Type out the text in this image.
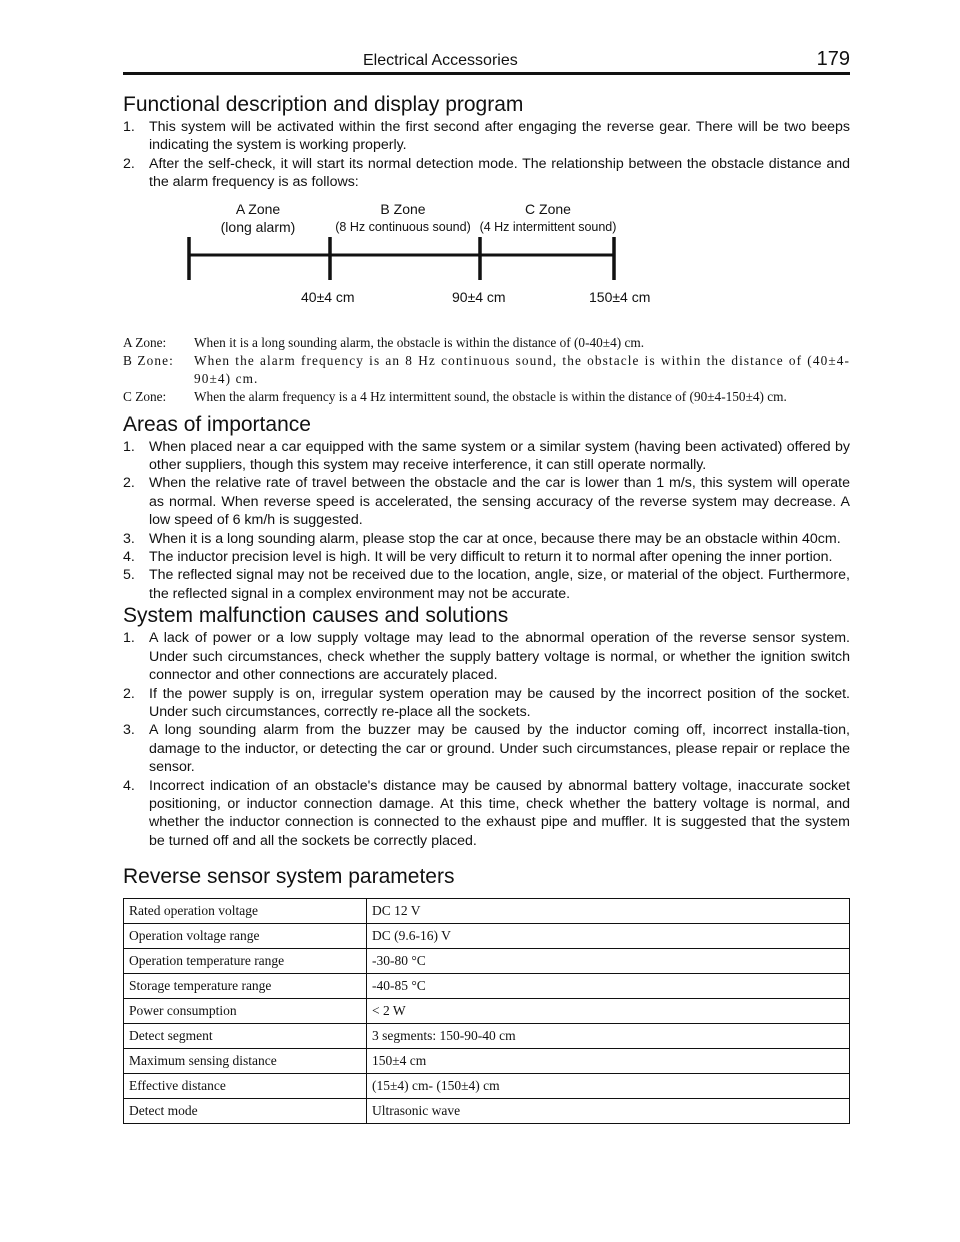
Electrical Accessories	179
Functional description and display program
1. This system will be activated within the first second after engaging the reverse gear. There will be two beeps indicating the system is working properly.
2. After the self-check, it will start its normal detection mode. The relationship between the obstacle distance and the alarm frequency is as follows:
A Zone
(long alarm)
B Zone
(8 Hz continuous sound)
C Zone
(4 Hz intermittent sound)
40±4 cm	90±4 cm	150±4 cm
A Zone: When it is a long sounding alarm, the obstacle is within the distance of (0-40±4) cm.
B Zone: When the alarm frequency is an 8 Hz continuous sound, the obstacle is within the distance of (40±4-90±4) cm.
C Zone: When the alarm frequency is a 4 Hz intermittent sound, the obstacle is within the distance of (90±4-150±4) cm.
Areas of importance
1. When placed near a car equipped with the same system or a similar system (having been activated) offered by other suppliers, though this system may receive interference, it can still operate normally.
2. When the relative rate of travel between the obstacle and the car is lower than 1 m/s, this system will operate as normal. When reverse speed is accelerated, the sensing accuracy of the reverse system may decrease. A low speed of 6 km/h is suggested.
3. When it is a long sounding alarm, please stop the car at once, because there may be an obstacle within 40cm.
4. The inductor precision level is high. It will be very difficult to return it to normal after opening the inner portion.
5. The reflected signal may not be received due to the location, angle, size, or material of the object. Furthermore, the reflected signal in a complex environment may not be accurate.
System malfunction causes and solutions
1. A lack of power or a low supply voltage may lead to the abnormal operation of the reverse sensor system. Under such circumstances, check whether the supply battery voltage is normal, or whether the ignition switch connector and other connections are accurately placed.
2. If the power supply is on, irregular system operation may be caused by the incorrect position of the socket. Under such circumstances, correctly re-place all the sockets.
3. A long sounding alarm from the buzzer may be caused by the inductor coming off, incorrect installa-tion, damage to the inductor, or detecting the car or ground. Under such circumstances, please repair or replace the sensor.
4. Incorrect indication of an obstacle's distance may be caused by abnormal battery voltage, inaccurate socket positioning, or inductor connection damage. At this time, check whether the battery voltage is normal, and whether the inductor connection is connected to the exhaust pipe and muffler. It is suggested that the system be turned off and all the sockets be correctly placed.
Reverse sensor system parameters
Rated operation voltage	DC 12 V
Operation voltage range	DC (9.6-16) V
Operation temperature range	-30-80 °C
Storage temperature range	-40-85 °C
Power consumption	< 2 W
Detect segment	3 segments: 150-90-40 cm
Maximum sensing distance	150±4 cm
Effective distance	(15±4) cm- (150±4) cm
Detect mode	Ultrasonic wave
